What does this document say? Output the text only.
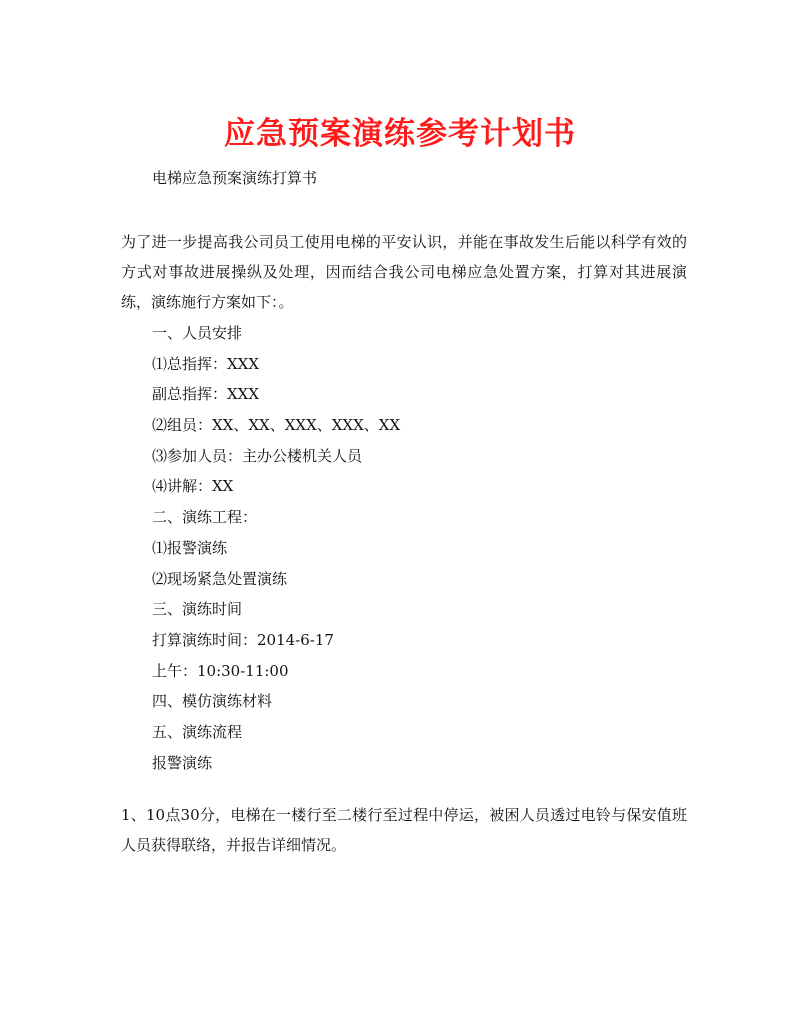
应急预案演练参考计划书
电梯应急预案演练打算书
为了进一步提高我公司员工使用电梯的平安认识，并能在事故发生后能以科学有效的方式对事故进展操纵及处理，因而结合我公司电梯应急处置方案，打算对其进展演练，演练施行方案如下：。
一、人员安排
⑴总指挥：XXX
副总指挥：XXX
⑵组员：XX、XX、XXX、XXX、XX
⑶参加人员：主办公楼机关人员
⑷讲解：XX
二、演练工程：
⑴报警演练
⑵现场紧急处置演练
三、演练时间
打算演练时间：2014-6-17
上午：10:30-11:00
四、模仿演练材料
五、演练流程
报警演练
1、10点30分，电梯在一楼行至二楼行至过程中停运，被困人员透过电铃与保安值班人员获得联络，并报告详细情况。
